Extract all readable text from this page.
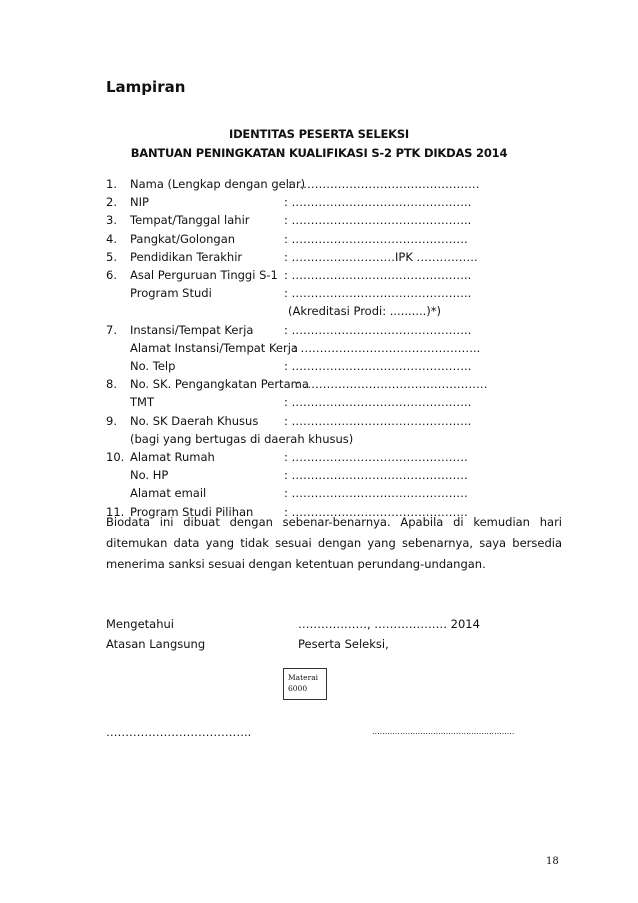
Lampiran
IDENTITAS PESERTA SELEKSI
BANTUAN PENINGKATAN KUALIFIKASI S-2 PTK DIKDAS 2014
1. Nama (Lengkap dengan gelar)
: …………………………………………
2. NIP	: ………………………………………..
3. Tempat/Tanggal lahir	: ………………………………………..
4. Pangkat/Golongan	: ……………………………………….
5. Pendidikan Terakhir	: ………………………IPK …………….
6. Asal Perguruan Tinggi S-1 : ………………………………………..
Program Studi	: ………………………………………..
(Akreditasi Prodi: ..........)*)
7. Instansi/Tempat Kerja	: ………………………………………..
Alamat Instansi/Tempat Kerja
: ………………………………………..
No. Telp	: ………………………………………..
8. No. SK. Pengangkatan Pertama
: …………………………………………
TMT	: ………………………………………..
9. No. SK Daerah Khusus : ………………………………………..
(bagi yang bertugas di daerah khusus)
10. Alamat Rumah	: ……………………………………….
No. HP	: ……………………………………….
Alamat email	: ……………………………………….
11. Program Studi Pilihan	: ……………………………………….
Biodata ini dibuat dengan sebenar-benarnya. Apabila di kemudian hari ditemukan data yang tidak sesuai dengan yang sebenarnya, saya bersedia menerima sanksi sesuai dengan ketentuan perundang-undangan.
Mengetahui
Atasan Langsung
………………, ………………. 2014
Peserta Seleksi,
Materai
6000
………………………………..	........................................................
18
